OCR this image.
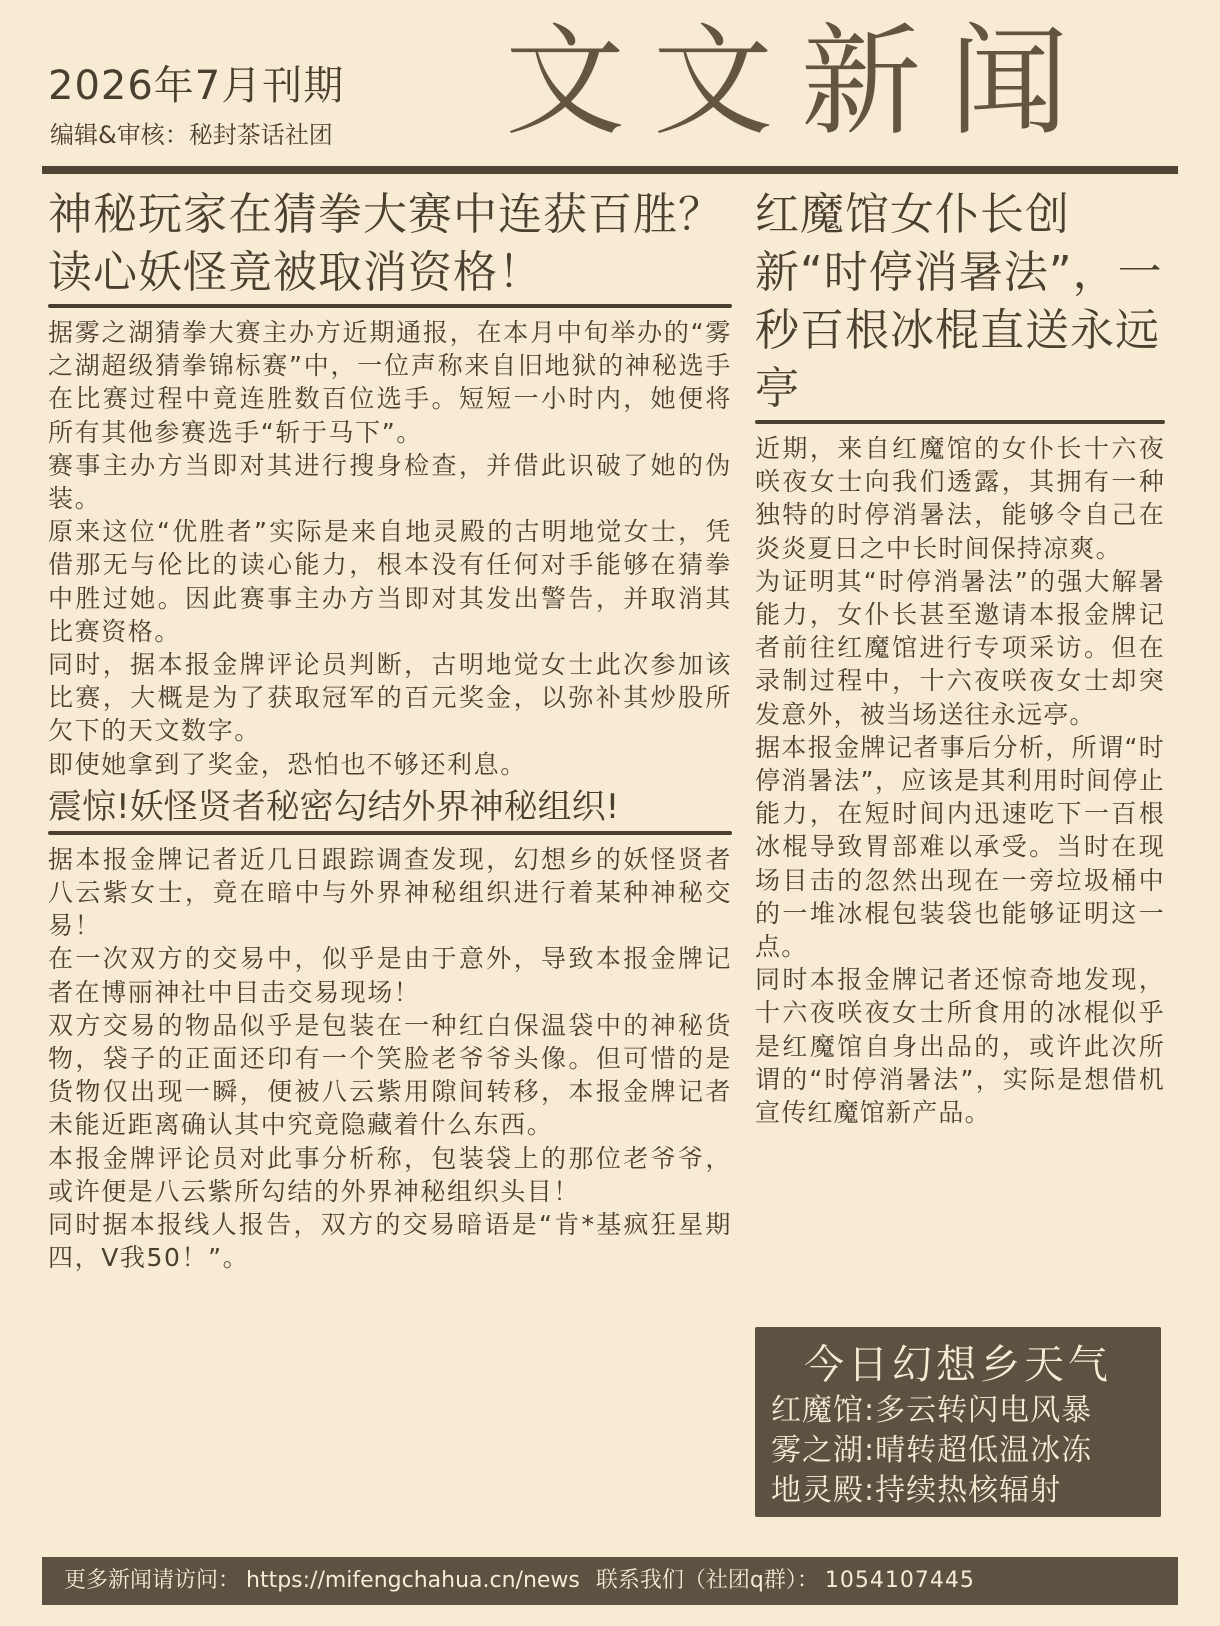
2026年7月刊期
编辑&审核：秘封茶话社团 文文新闻
神秘玩家在猜拳大赛中连获百胜？读心妖怪竟被取消资格！

据雾之湖猜拳大赛主办方近期通报，在本月中旬举办的“雾之湖超级猜拳锦标赛”中，一位声称来自旧地狱的神秘选手在比赛过程中竟连胜数百位选手。短短一小时内，她便将所有其他参赛选手“斩于马下”。

赛事主办方当即对其进行搜身检查，并借此识破了她的伪装。

原来这位“优胜者”实际是来自地灵殿的古明地觉女士，凭借那无与伦比的读心能力，根本没有任何对手能够在猜拳中胜过她。因此赛事主办方当即对其发出警告，并取消其比赛资格。

同时，据本报金牌评论员判断，古明地觉女士此次参加该比赛，大概是为了获取冠军的百元奖金，以弥补其炒股所欠下的天文数字。

即使她拿到了奖金，恐怕也不够还利息。

震惊!妖怪贤者秘密勾结外界神秘组织!

据本报金牌记者近几日跟踪调查发现，幻想乡的妖怪贤者八云紫女士，竟在暗中与外界神秘组织进行着某种神秘交易！

在一次双方的交易中，似乎是由于意外，导致本报金牌记者在博丽神社中目击交易现场！

双方交易的物品似乎是包装在一种红白保温袋中的神秘货物，袋子的正面还印有一个笑脸老爷爷头像。但可惜的是货物仅出现一瞬，便被八云紫用隙间转移，本报金牌记者未能近距离确认其中究竟隐藏着什么东西。

本报金牌评论员对此事分析称，包装袋上的那位老爷爷，或许便是八云紫所勾结的外界神秘组织头目！

同时据本报线人报告，双方的交易暗语是“肯*基疯狂星期四，V我50！”。

红魔馆女仆长创新“时停消暑法”，一秒百根冰棍直送永远亭

近期，来自红魔馆的女仆长十六夜咲夜女士向我们透露，其拥有一种独特的时停消暑法，能够令自己在炎炎夏日之中长时间保持凉爽。

为证明其“时停消暑法”的强大解暑能力，女仆长甚至邀请本报金牌记者前往红魔馆进行专项采访。但在录制过程中，十六夜咲夜女士却突发意外，被当场送往永远亭。

据本报金牌记者事后分析，所谓“时停消暑法”，应该是其利用时间停止能力，在短时间内迅速吃下一百根冰棍导致胃部难以承受。当时在现场目击的忽然出现在一旁垃圾桶中的一堆冰棍包装袋也能够证明这一点。

同时本报金牌记者还惊奇地发现，十六夜咲夜女士所食用的冰棍似乎是红魔馆自身出品的，或许此次所谓的“时停消暑法”，实际是想借机宣传红魔馆新产品。

今日幻想乡天气
红魔馆:多云转闪电风暴
雾之湖:晴转超低温冰冻
地灵殿:持续热核辐射
更多新闻请访问： https://mifengchahua.cn/news 联系我们（社团q群）： 1054107445
